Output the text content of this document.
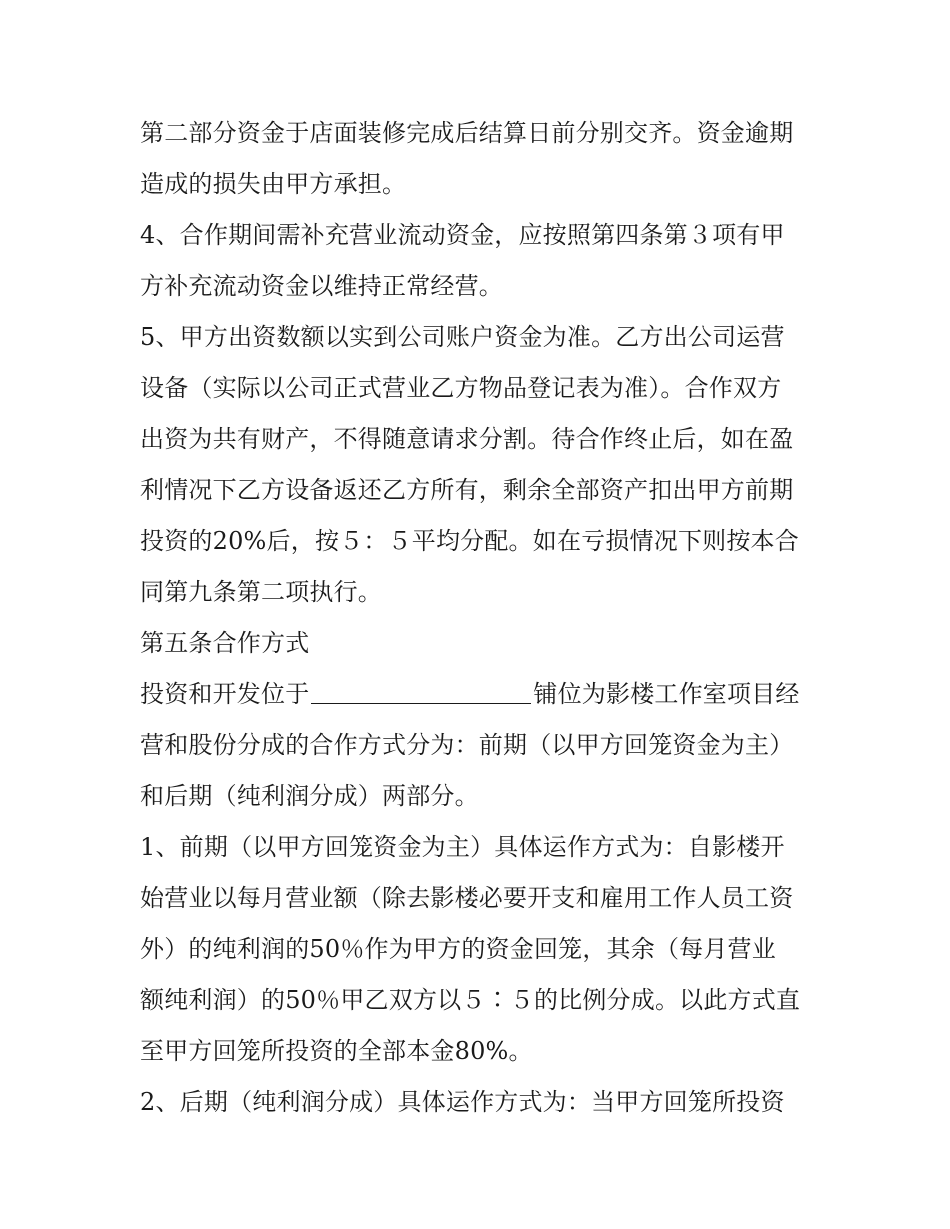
第二部分资金于店面装修完成后结算日前分别交齐。资金逾期
造成的损失由甲方承担。
4、合作期间需补充营业流动资金，应按照第四条第３项有甲
方补充流动资金以维持正常经营。
5、甲方出资数额以实到公司账户资金为准。乙方出公司运营
设备（实际以公司正式营业乙方物品登记表为准）。合作双方
出资为共有财产，不得随意请求分割。待合作终止后，如在盈
利情况下乙方设备返还乙方所有，剩余全部资产扣出甲方前期
投资的20%后，按５：５平均分配。如在亏损情况下则按本合
同第九条第二项执行。
第五条合作方式
投资和开发位于	铺位为影楼工作室项目经
营和股份分成的合作方式分为：前期（以甲方回笼资金为主）
和后期（纯利润分成）两部分。
1、前期（以甲方回笼资金为主）具体运作方式为：自影楼开
始营业以每月营业额（除去影楼必要开支和雇用工作人员工资
外）的纯利润的50％作为甲方的资金回笼，其余（每月营业
额纯利润）的50％甲乙双方以５∶５的比例分成。以此方式直
至甲方回笼所投资的全部本金80%。
2、后期（纯利润分成）具体运作方式为：当甲方回笼所投资
